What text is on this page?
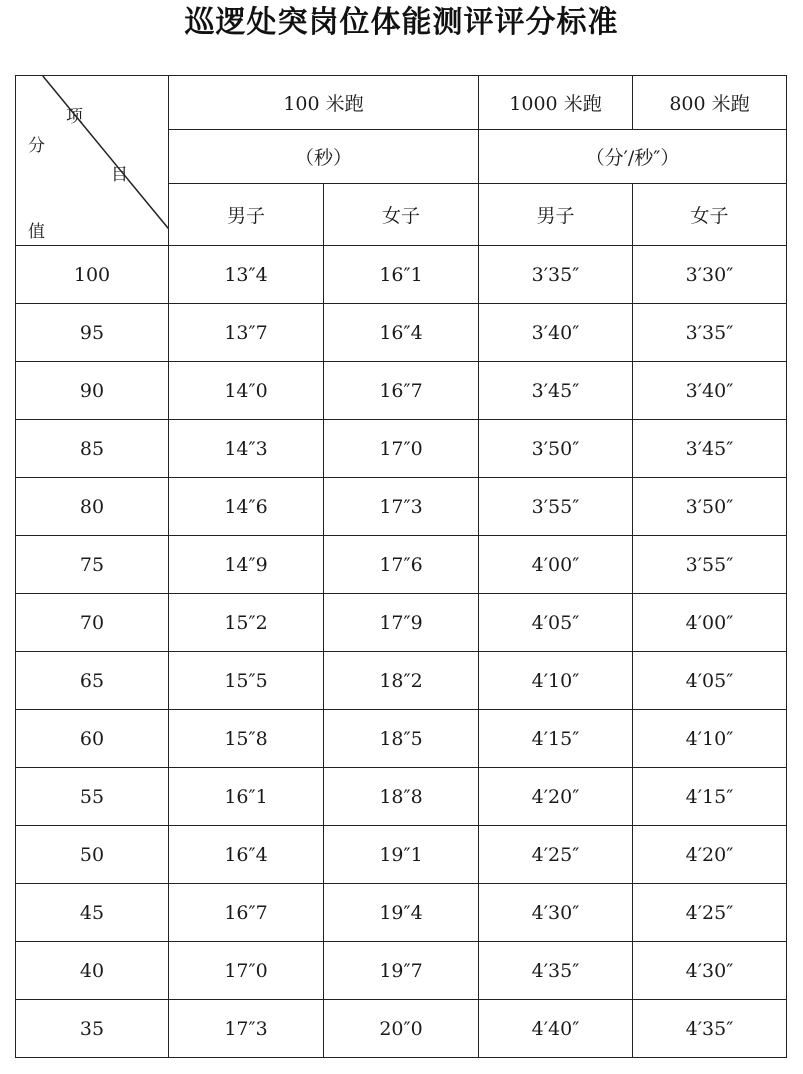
巡逻处突岗位体能测评评分标准
项
目
分
值	100 米跑		1000 米跑	800 米跑
	（秒）		（分′/秒″）	
	男子	女子	男子	女子
100	13″4	16″1	3′35″	3′30″
95	13″7	16″4	3′40″	3′35″
90	14″0	16″7	3′45″	3′40″
85	14″3	17″0	3′50″	3′45″
80	14″6	17″3	3′55″	3′50″
75	14″9	17″6	4′00″	3′55″
70	15″2	17″9	4′05″	4′00″
65	15″5	18″2	4′10″	4′05″
60	15″8	18″5	4′15″	4′10″
55	16″1	18″8	4′20″	4′15″
50	16″4	19″1	4′25″	4′20″
45	16″7	19″4	4′30″	4′25″
40	17″0	19″7	4′35″	4′30″
35	17″3	20″0	4′40″	4′35″
